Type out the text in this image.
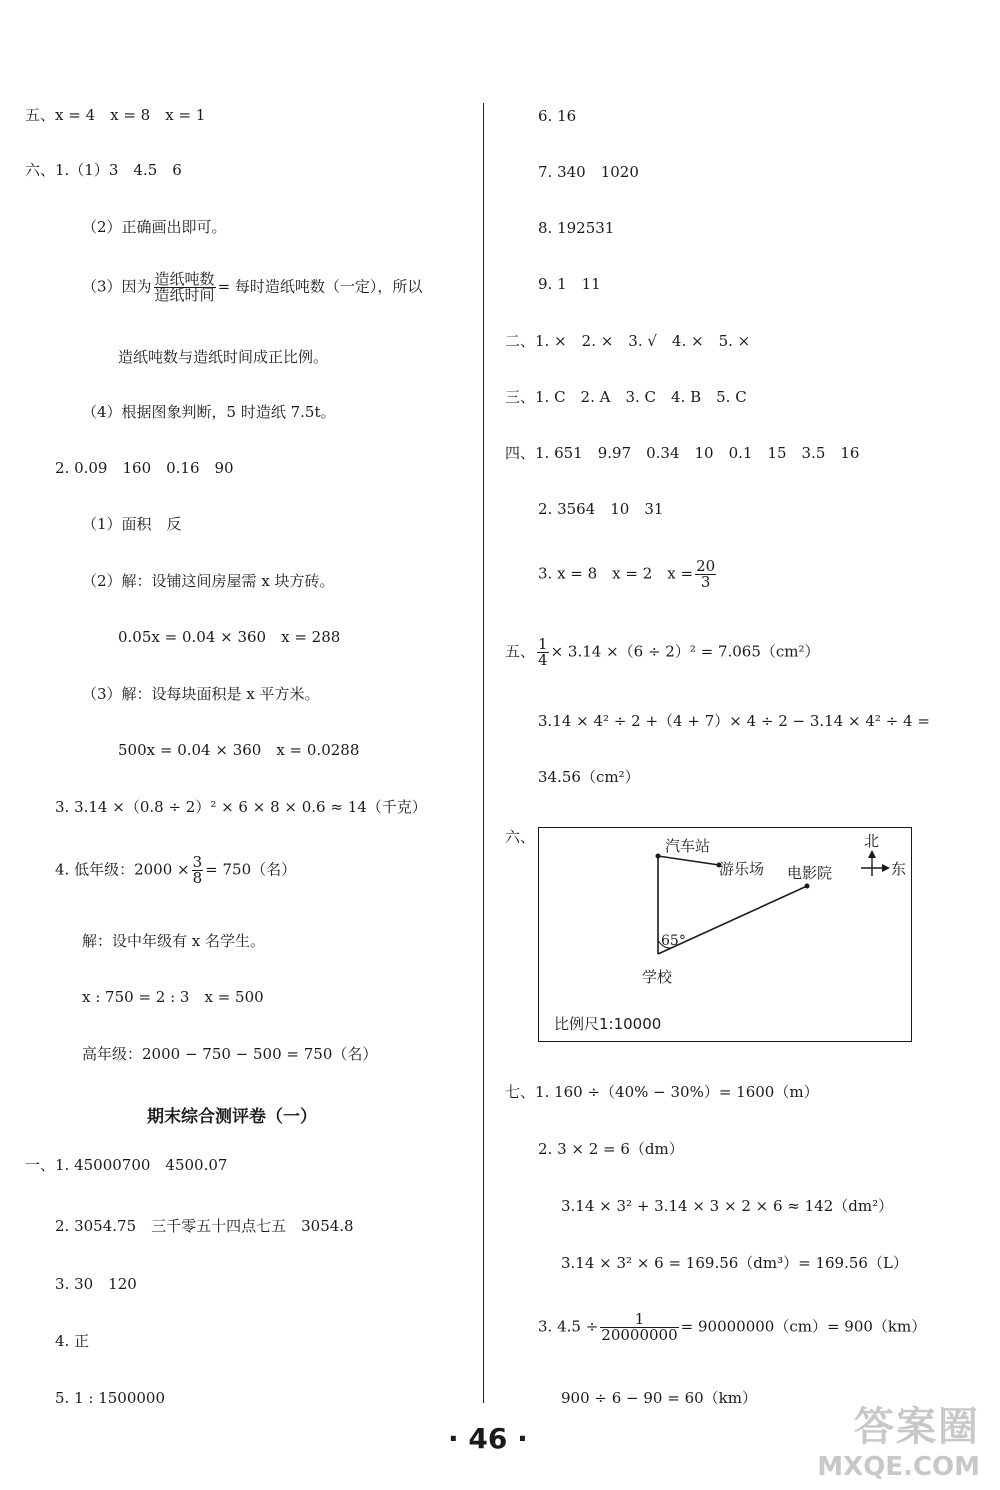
五、x = 4　x = 8　x = 1
六、1.（1）3　4.5　6
（2）正确画出即可。
（3）因为 $\frac{\text{造纸吨数}}{\text{造纸时间}}$ = 每时造纸吨数（一定），所以
造纸吨数与造纸时间成正比例。
（4）根据图象判断，5 时造纸 7.5t。
2. 0.09　160　0.16　90
（1）面积　反
（2）解：设铺这间房屋需 x 块方砖。
0.05x = 0.04 × 360　x = 288
（3）解：设每块面积是 x 平方米。
500x = 0.04 × 360　x = 0.0288
3. 3.14 ×（0.8 ÷ 2）² × 6 × 8 × 0.6 ≈ 14（千克）
4. 低年级：$2000 \times \frac{3}{8} = 750$（名）
解：设中年级有 x 名学生。
x : 750 = 2 : 3　x = 500
高年级：2000 − 750 − 500 = 750（名）
期末综合测评卷（一）
一、1. 45000700　4500.07
2. 3054.75　三千零五十四点七五　3054.8
3. 30　120
4. 正
5. 1 : 1500000
6. 16
7. 340　1020
8. 192531
9. 1　11
二、1. ×　2. ×　3. √　4. ×　5. ×
三、1. C　2. A　3. C　4. B　5. C
四、1. 651　9.97　0.34　10　0.1　15　3.5　16
2. 3564　10　31
3. x = 8　x = 2　$x = \frac{20}{3}$
五、 $\frac{1}{4} \times 3.14 \times(6 \div 2)^2 = 7.065(cm^2)$
3.14 × 4² ÷ 2 +（4 + 7）× 4 ÷ 2 − 3.14 × 4² ÷ 4 =
34.56（cm²）
六、	汽车站
游乐场 电影院
65°
学校
北
东
比例尺1:10000
七、1. 160 ÷（40% − 30%）= 1600（m）
2. 3 × 2 = 6（dm）
3.14 × 3² + 3.14 × 3 × 2 × 6 ≈ 142（dm²）
3.14 × 3² × 6 = 169.56（dm³）= 169.56（L）
3. $4.5 \div \frac{1}{20000000} = 90000000(cm)= 900(km)$
900 ÷ 6 − 90 = 60（km）
· 46 ·	答案圈
MXQE.COM
